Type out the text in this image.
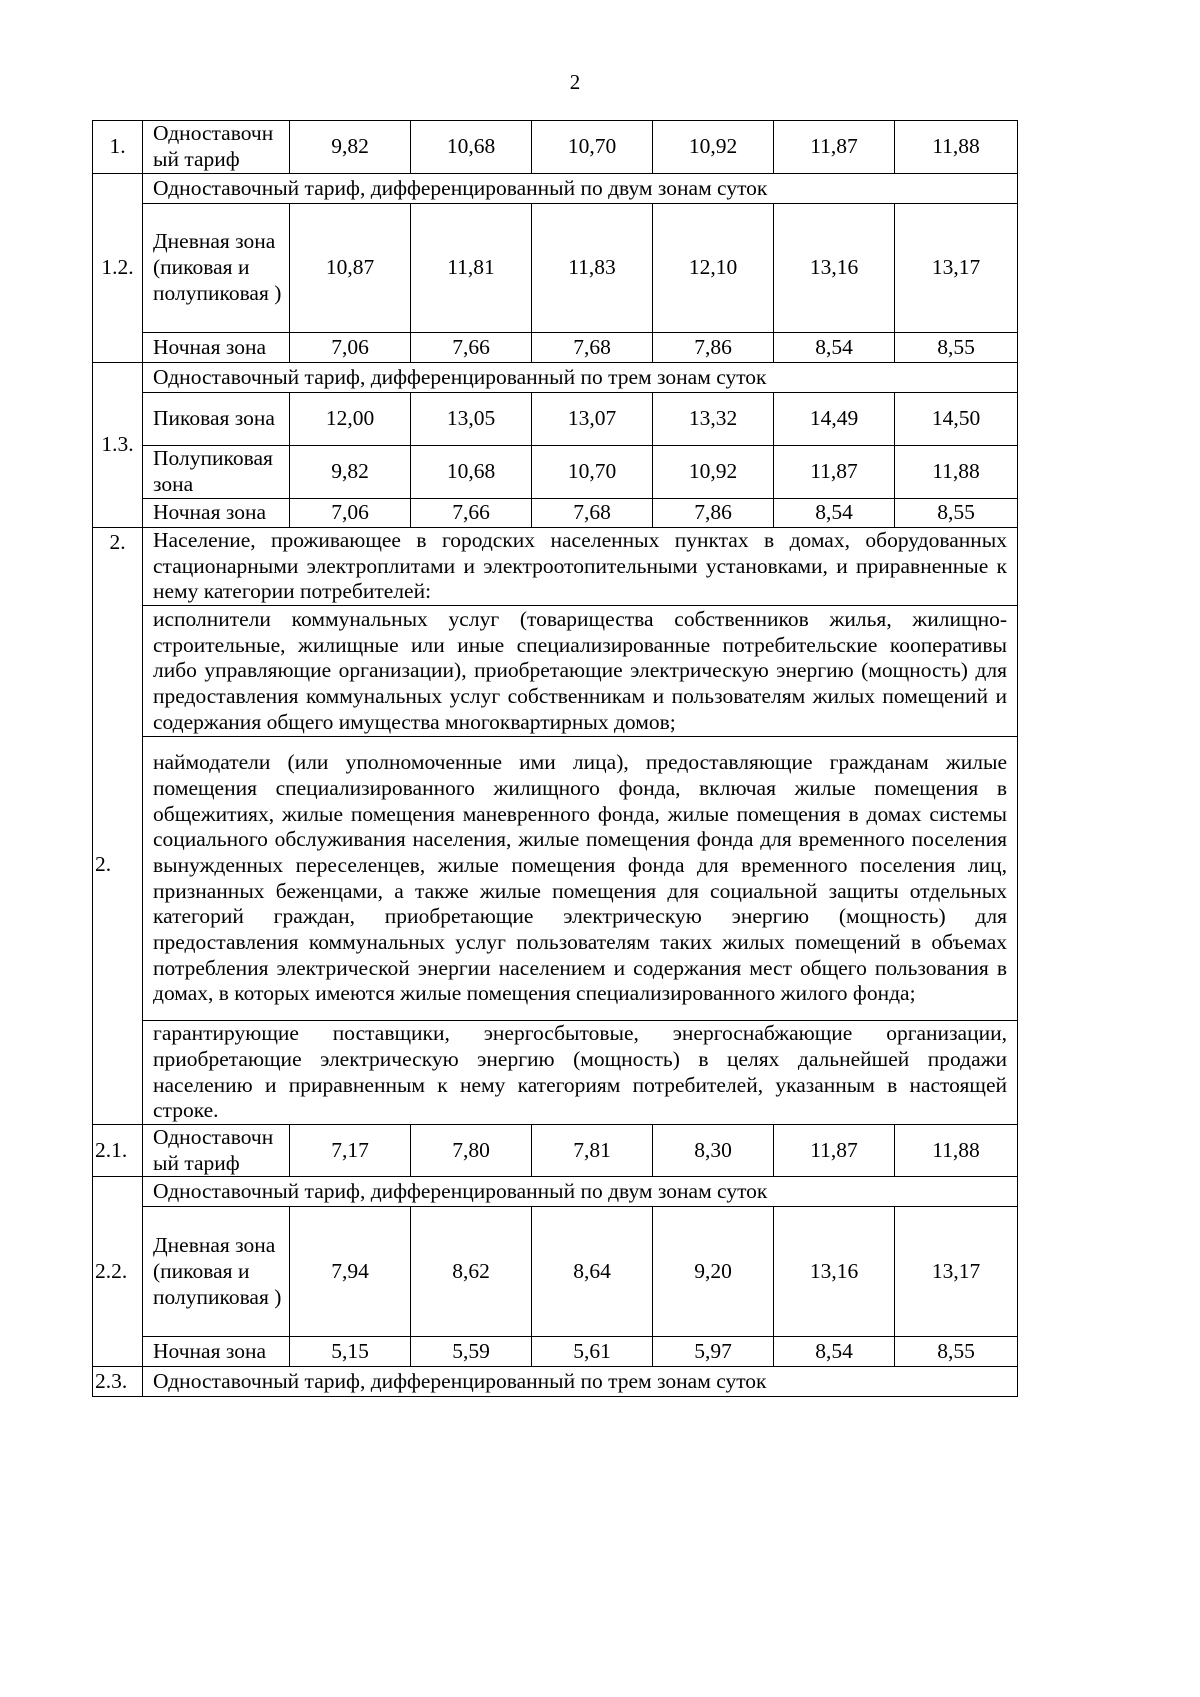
2
1.	Одноставочн ый тариф	9,82	10,68	10,70	10,92	11,87	11,88
1.2.	Одноставочный тариф, дифференцированный по двум зонам суток						
	Дневная зона (пиковая и полупиковая )	10,87	11,81	11,83	12,10	13,16	13,17
	Ночная зона	7,06	7,66	7,68	7,86	8,54	8,55
1.3.	Одноставочный тариф, дифференцированный по трем зонам суток						
	Пиковая зона	12,00	13,05	13,07	13,32	14,49	14,50
	Полупиковая зона	9,82	10,68	10,70	10,92	11,87	11,88
	Ночная зона	7,06	7,66	7,68	7,86	8,54	8,55
2.	Население, проживающее в городских населенных пунктах в домах, оборудованных стационарными электроплитами и электроотопительными установками, и приравненные к нему категории потребителей:						
2.	исполнители коммунальных услуг (товарищества собственников жилья, жилищно-строительные, жилищные или иные специализированные потребительские кооперативы либо управляющие организации), приобретающие электрическую энергию (мощность) для предоставления коммунальных услуг собственникам и пользователям жилых помещений и содержания общего имущества многоквартирных домов;						
	наймодатели (или уполномоченные ими лица), предоставляющие гражданам жилые помещения специализированного жилищного фонда, включая жилые помещения в общежитиях, жилые помещения маневренного фонда, жилые помещения в домах системы социального обслуживания населения, жилые помещения фонда для временного поселения вынужденных переселенцев, жилые помещения фонда для временного поселения лиц, признанных беженцами, а также жилые помещения для социальной защиты отдельных категорий граждан, приобретающие электрическую энергию (мощность) для предоставления коммунальных услуг пользователям таких жилых помещений в объемах потребления электрической энергии населением и содержания мест общего пользования в домах, в которых имеются жилые помещения специализированного жилого фонда;						
	гарантирующие поставщики, энергосбытовые, энергоснабжающие организации, приобретающие электрическую энергию (мощность) в целях дальнейшей продажи населению и приравненным к нему категориям потребителей, указанным в настоящей строке.						
2.1.	Одноставочн ый тариф	7,17	7,80	7,81	8,30	11,87	11,88
2.2.	Одноставочный тариф, дифференцированный по двум зонам суток						
	Дневная зона (пиковая и полупиковая )	7,94	8,62	8,64	9,20	13,16	13,17
	Ночная зона	5,15	5,59	5,61	5,97	8,54	8,55
2.3.	Одноставочный тариф, дифференцированный по трем зонам суток						
